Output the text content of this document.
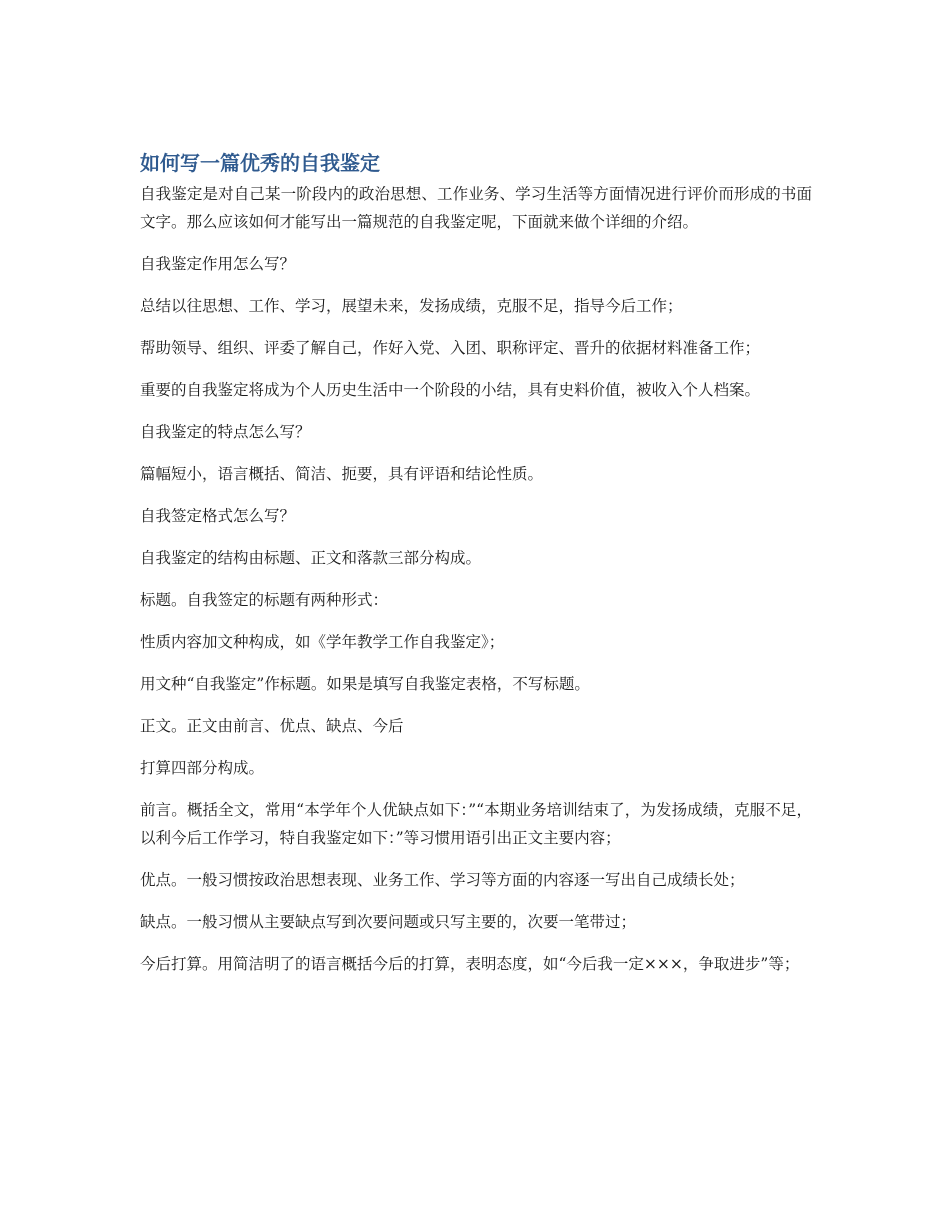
如何写一篇优秀的自我鉴定

自我鉴定是对自己某一阶段内的政治思想、工作业务、学习生活等方面情况进行评价而形成的书面文字。那么应该如何才能写出一篇规范的自我鉴定呢，下面就来做个详细的介绍。

自我鉴定作用怎么写？

总结以往思想、工作、学习，展望未来，发扬成绩，克服不足，指导今后工作；

帮助领导、组织、评委了解自己，作好入党、入团、职称评定、晋升的依据材料准备工作；

重要的自我鉴定将成为个人历史生活中一个阶段的小结，具有史料价值，被收入个人档案。

自我鉴定的特点怎么写？

篇幅短小，语言概括、简洁、扼要，具有评语和结论性质。

自我签定格式怎么写？

自我鉴定的结构由标题、正文和落款三部分构成。

标题。自我签定的标题有两种形式：

性质内容加文种构成，如《学年教学工作自我鉴定》；

用文种“自我鉴定”作标题。如果是填写自我鉴定表格，不写标题。

正文。正文由前言、优点、缺点、今后

打算四部分构成。

前言。概括全文，常用“本学年个人优缺点如下：”“本期业务培训结束了，为发扬成绩，克服不足，以利今后工作学习，特自我鉴定如下：”等习惯用语引出正文主要内容；

优点。一般习惯按政治思想表现、业务工作、学习等方面的内容逐一写出自己成绩长处；

缺点。一般习惯从主要缺点写到次要问题或只写主要的，次要一笔带过；

今后打算。用简洁明了的语言概括今后的打算，表明态度，如“今后我一定×××，争取进步”等；
